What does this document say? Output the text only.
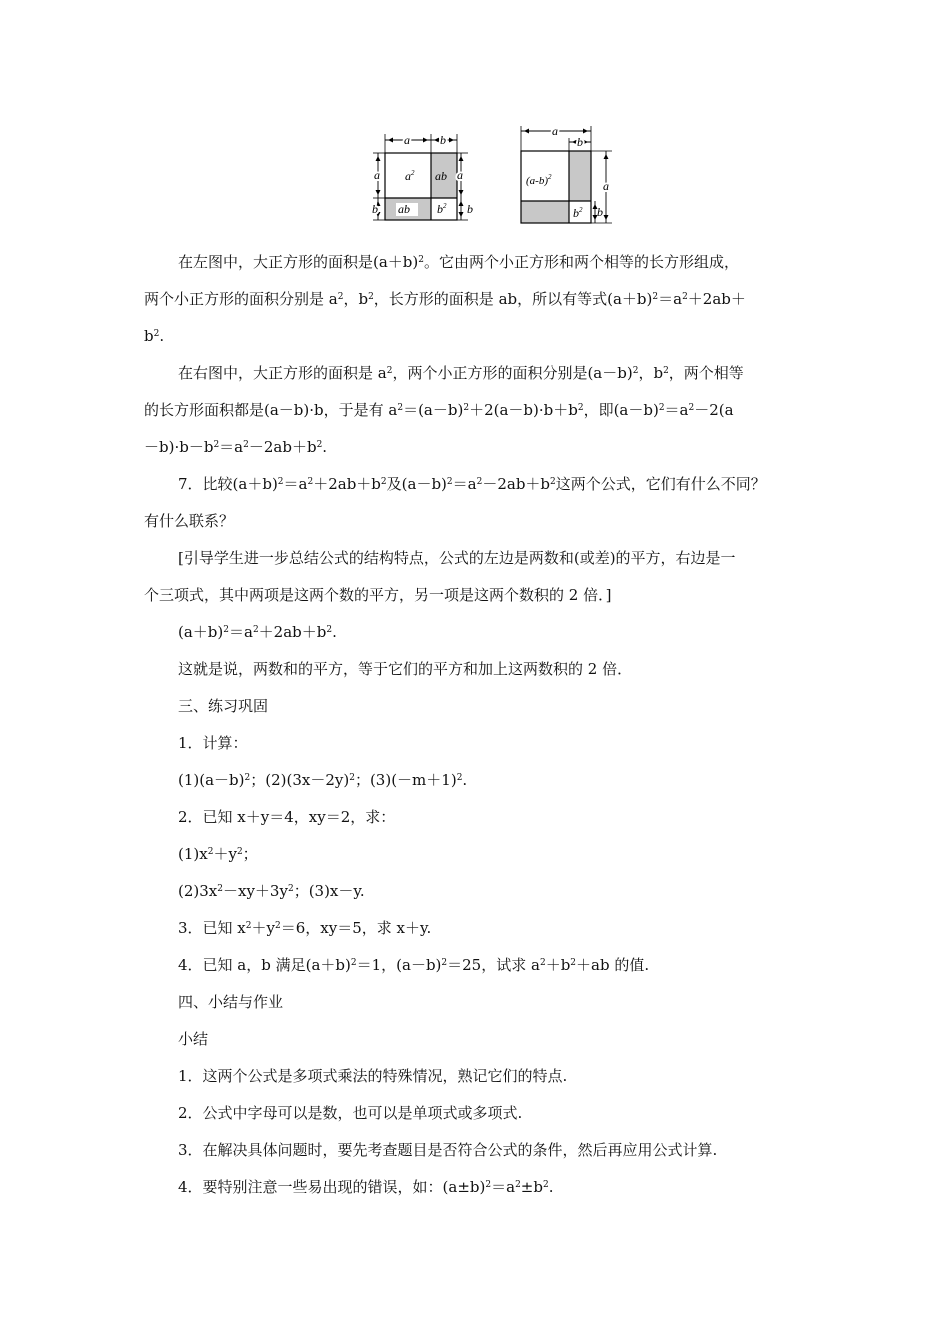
a	b
a
b
a
b
$a^2$ ab
ab $b^2$
a
b
a
b
$(a-b)^2$
$b^2$

在左图中，大正方形的面积是$(a+b)^2$。它由两个小正方形和两个相等的长方形组成，

两个小正方形的面积分别是 $a^2$，$b^2$，长方形的面积是 ab，所以有等式$(a+b)^2=a^2+2ab+$

$b^2$.

在右图中，大正方形的面积是 $a^2$，两个小正方形的面积分别是$(a-b)^2$，$b^2$，两个相等

的长方形面积都是(a－b)·b，于是有 $a^2=(a-b)^2+2(a-b)\cdot b+b^2$，即$(a-b)^2=a^2-2(a$

$-b)\cdot b-b^2=a^2-2ab+b^2$.

7．比较$(a+b)^2=a^2+2ab+b^2$及$(a-b)^2=a^2-2ab+b^2$这两个公式，它们有什么不同？

有什么联系？

[引导学生进一步总结公式的结构特点，公式的左边是两数和(或差)的平方，右边是一

个三项式，其中两项是这两个数的平方，另一项是这两个数积的 2 倍．]

$(a+b)^2=a^2+2ab+b^2$.

这就是说，两数和的平方，等于它们的平方和加上这两数积的 2 倍．

三、练习巩固

1．计算：

$(1)(a-b)^2$；$(2)(3x-2y)^2$；$(3)(-m+1)^2$.

2．已知 x＋y＝4，xy＝2，求：

$(1)x^2+y^2$；

$(2)3x^2-xy+3y^2$；(3)x－y.

3．已知 $x^2+y^2=6$，xy＝5，求 x＋y.

4．已知 a，b 满足$(a+b)^2=1$，$(a-b)^2=25$，试求 $a^2+b^2+ab$ 的值.

四、小结与作业

小结

1．这两个公式是多项式乘法的特殊情况，熟记它们的特点.

2．公式中字母可以是数，也可以是单项式或多项式.

3．在解决具体问题时，要先考查题目是否符合公式的条件，然后再应用公式计算.

4．要特别注意一些易出现的错误，如：$(a\pm b)^2=a^2\pm b^2$.
